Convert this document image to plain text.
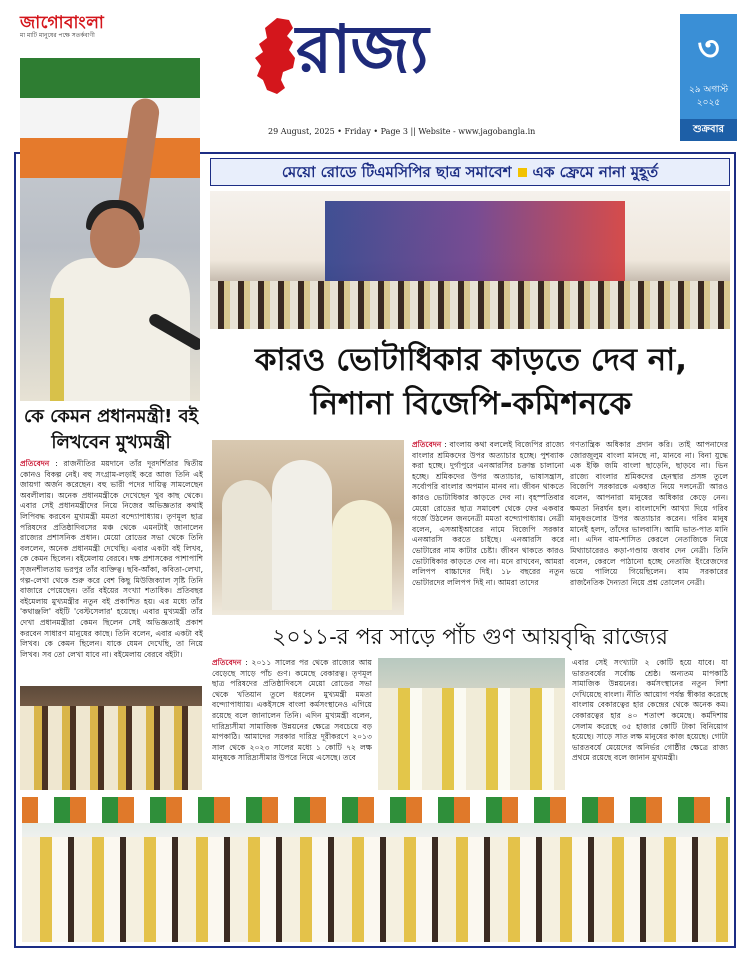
জাগোবাংলা
মা মাটি মানুষের পক্ষে সতর্কবাণী	রাজ্য
29 August, 2025 • Friday • Page 3 || Website - www.jagobangla.in
৩
২৯ অগাস্ট
২০২৫
শুক্রবার
কে কেমন প্রধানমন্ত্রী! বই লিখবেন মুখ্যমন্ত্রী
প্রতিবেদন : রাজনীতির ময়দানে তাঁর দূরদর্শিতার দ্বিতীয় কোনও বিকল্প নেই। বহু সংগ্রাম-লড়াই করে আজ তিনি এই জায়গা অর্জন করেছেন। বহু ভারী পদের দায়িত্ব সামলেছেন অবলীলায়। অনেক প্রধানমন্ত্রীকে দেখেছেন খুব কাছ থেকে। এবার সেই প্রধানমন্ত্রীদের নিয়ে নিজের অভিজ্ঞতার কথাই লিপিবদ্ধ করবেন মুখ্যমন্ত্রী মমতা বন্দ্যোপাধ্যায়। তৃণমূল ছাত্র পরিষদের প্রতিষ্ঠাদিবসের মঞ্চ থেকে এমনটাই জানালেন রাজ্যের প্রশাসনিক প্রধান। মেয়ো রোডের সভা থেকে তিনি বললেন, অনেক প্রধানমন্ত্রী দেখেছি। এবার একটা বই লিখব, কে কেমন ছিলেন। বইমেলায় বেরবে। দক্ষ প্রশাসকের পাশাপাশি সৃজনশীলতায় ভরপুর তাঁর ব্যক্তিত্ব। ছবি-আঁকা, কবিতা-লেখা, গল্প-লেখা থেকে শুরু করে বেশ কিছু মিউজিক্যাল সৃষ্টি তিনি বাজারে পেয়েছেন। তাঁর বইয়ের সংখ্যা শতাধিক। প্রতিবছর বইমেলায় মুখ্যমন্ত্রীর নতুন বই প্রকাশিত হয়। এর মধ্যে তাঁর 'কথাঞ্জলি' বইটি 'বেস্টসেলার' হয়েছে। এবার মুখ্যমন্ত্রী তাঁর দেখা প্রধানমন্ত্রীরা কেমন ছিলেন সেই অভিজ্ঞতাই প্রকাশ করবেন সাধারণ মানুষের কাছে। তিনি বলেন, এবার একটা বই লিখব। কে কেমন ছিলেন। যাকে যেমন দেখেছি, তা নিয়ে লিখব। সব তো লেখা যাবে না। বইমেলায় বেরবে বইটা।
মেয়ো রোডে টিএমসিপির ছাত্র সমাবেশ এক ফ্রেমে নানা মুহূর্ত
কারও ভোটাধিকার কাড়তে দেব না, নিশানা বিজেপি-কমিশনকে
প্রতিবেদন : বাংলায় কথা বললেই বিজেপির রাজ্যে বাংলার শ্রমিকদের উপর অত্যাচার হচ্ছে। পুশব্যাক করা হচ্ছে। দুর্গাপুরে এনআরসির চক্রান্ত চালানো হচ্ছে। শ্রমিকদের উপর অত্যাচার, ভাষাসন্ত্রাস, সর্বোপরি বাংলার অপমান মানব না। জীবন থাকতে কারও ভোটাধিকার কাড়তে দেব না। বৃহস্পতিবার মেয়ো রোডের ছাত্র সমাবেশ থেকে ফের একবার গর্জে উঠলেন জননেত্রী মমতা বন্দ্যোপাধ্যায়। নেত্রী বলেন, এসআইআরের নামে বিজেপি সরকার এনআরসি করতে চাইছে। এনআরসি করে ভোটারের নাম কাটার চেষ্টা। জীবন থাকতে কারও ভোটাধিকার কাড়তে দেব না। মনে রাখবেন, আমরা ললিপপ বাচ্চাদের দিই। ১৮ বছরের নতুন ভোটারদের ললিপপ দিই না। আমরা তাদের
গণতান্ত্রিক অধিকার প্রদান করি। তাই আপনাদের জোরজুলুম বাংলা মানছে না, মানবে না। বিনা যুদ্ধে এক ইঞ্চি জমি বাংলা ছাড়েনি, ছাড়বে না। ভিন রাজ্যে বাংলার শ্রমিকদের হেনস্থার প্রসঙ্গ তুলে বিজেপি সরকারকে একহাত নিয়ে দলনেত্রী আরও বলেন, আপনারা মানুষের অধিকার কেড়ে নেন। ক্ষমতা নিরর্ঘন হল। বাংলাদেশি আখ্যা দিয়ে গরিব মানুষগুলোর উপর অত্যাচার করেন। গরিব মানুষ মানেই হলদ, তাঁদের ভালবাসি। আমি ভাত-পাত মানি না। এদিন বাম-শাসিত কেরলে নেতাজিকে নিয়ে মিথ্যাচারেরও কড়া-গণ্ডায় জবাব দেন নেত্রী। তিনি বলেন, কেরলে পাঠানো হচ্ছে নেতাজি ইংরেজদের ভয়ে পালিয়ে গিয়েছিলেন। বাম সরকারের রাজনৈতিক দৈন্যতা নিয়ে প্রশ্ন তোলেন নেত্রী।
২০১১-র পর সাড়ে পাঁচ গুণ আয়বৃদ্ধি রাজ্যের
প্রতিবেদন : ২০১১ সালের পর থেকে রাজ্যের আয় বেড়েছে সাড়ে পাঁচ গুণ। কমেছে বেকারত্ব। তৃণমূল ছাত্র পরিষদের প্রতিষ্ঠাদিবসে মেয়ো রোডের সভা থেকে খতিয়ান তুলে ধরলেন মুখ্যমন্ত্রী মমতা বন্দ্যোপাধ্যায়। একইসঙ্গে বাংলা কর্মসংস্থানেও এগিয়ে রয়েছে বলে জানালেন তিনি। এদিন মুখ্যমন্ত্রী বলেন, দারিদ্র্যসীমা সামাজিক উন্নয়নের ক্ষেত্রে সবচেয়ে বড় মাপকাঠি। আমাদের সরকার দারিদ্র দূরীকরণে ২০১৩ সাল থেকে ২০২৩ সালের মধ্যে ১ কোটি ৭২ লক্ষ মানুষকে সারিদ্র্যসীমার উপরে নিয়ে এসেছে। তবে
এবার সেই সংখ্যাটা ২ কোটি হয়ে যাবে। যা ভারতবর্ষের সর্বোচ্চ শ্রেষ্ঠ। অন্যতম মাপকাঠি সামাজিক উন্নয়নের। কর্মসংস্থানের নতুন দিশা দেখিয়েছে বাংলা। নীতি আয়োগ পর্যন্ত স্বীকার করেছে বাংলায় বেকারত্বের হার কেন্দ্রের থেকে অনেক কম। বেকারত্বের হার ৪০ শতাংশ কমেছে। কর্মদিশায় সেলাম করেছে ৩৫ হাজার কোটি টাকা বিনিয়োগ হয়েছে। সাড়ে সাত লক্ষ মানুষের কাজ হয়েছে। গোটা ভারতবর্ষে মেয়েদের অনির্ভর গোষ্ঠীর ক্ষেত্রে রাজ্য প্রথমে রয়েছে বলে জানান মুখ্যমন্ত্রী।
